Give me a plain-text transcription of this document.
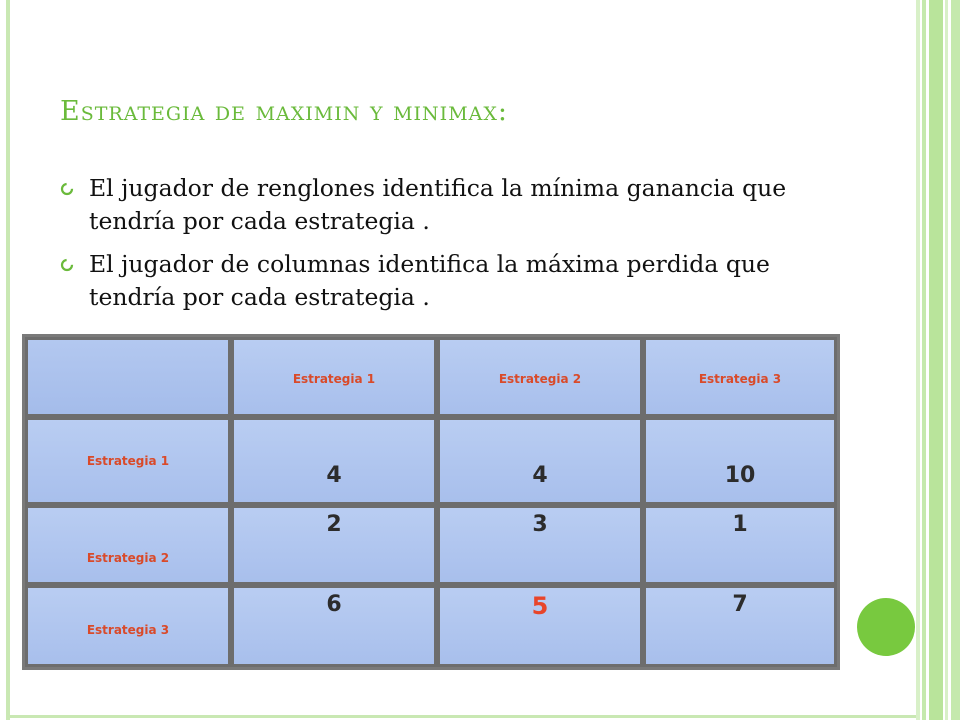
Estrategia de maximin y minimax:
El jugador de renglones identifica la mínima ganancia que tendría por cada estrategia .
El jugador de columnas identifica la máxima perdida que tendría por cada estrategia .
	Estrategia 1	Estrategia 2	Estrategia 3
Estrategia 1	4	4	10
Estrategia 2	2	3	1
Estrategia 3	6	5	7
